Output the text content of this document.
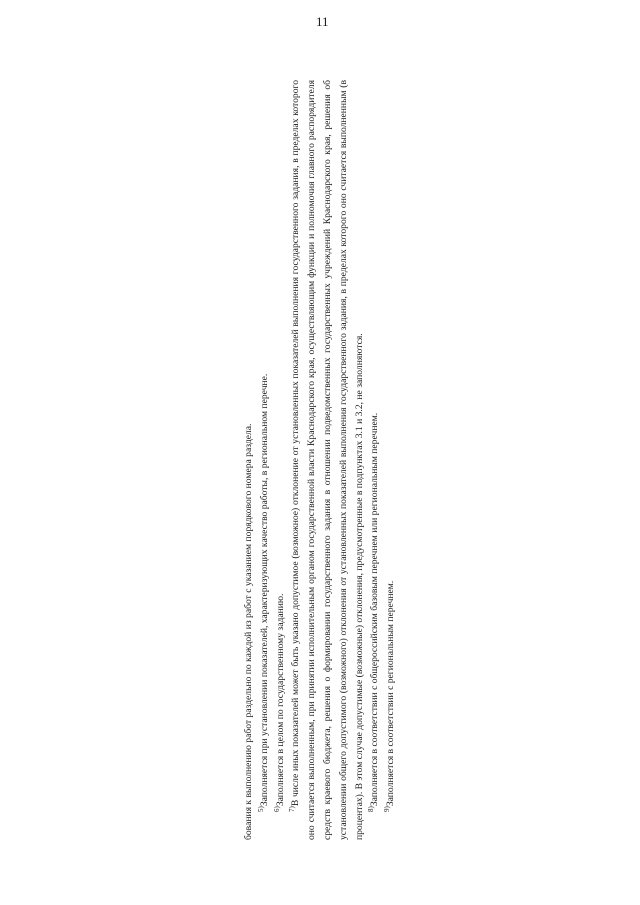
11

бования к выполнению работ раздельно по каждой из работ с указанием порядкового номера раздела. $^{5)}$Заполняется при установлении показателей, характеризующих качество работы, в региональном перечне.

$^{6)}$Заполняется в целом по государственному заданию.

$^{7)}$В числе иных показателей может быть указано допустимое (возможное) отклонение от установленных показателей выполнения государственного задания, в пределах которого оно считается выполненным, при принятии исполнительным органом государственной власти Краснодарского края, осуществляющим функции и полномочия главного распорядителя средств краевого бюджета, решения о формировании государственного задания в отношении подведомственных государственных учреждений Краснодарского края, решения об установлении общего допустимого (возможного) отклонения от установленных показателей выполнения государственного задания, в пределах которого оно считается выполненным (в процентах). В этом случае допустимые (возможные) отклонения, предусмотренные в подпунктах 3.1 и 3.2, не заполняются. $^{8)}$Заполняется в соответствии с общероссийским базовым перечнем или региональным перечнем.

$^{9)}$Заполняется в соответствии с региональным перечнем.
